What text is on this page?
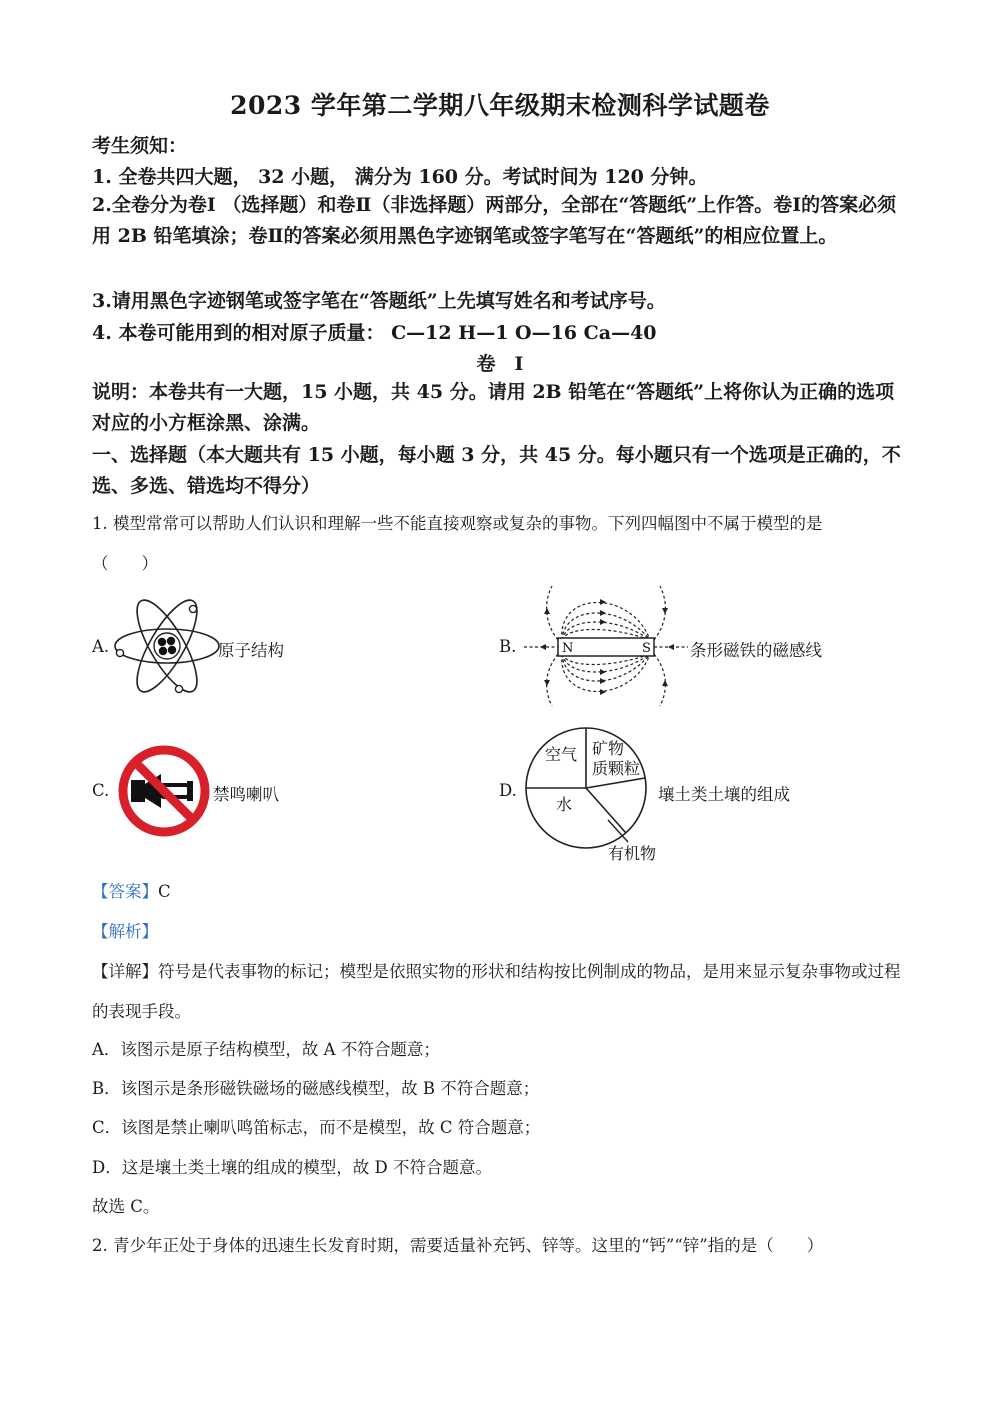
2023 学年第二学期八年级期末检测科学试题卷
考生须知：
1. 全卷共四大题， 32 小题， 满分为 160 分。考试时间为 120 分钟。
2.全卷分为卷Ⅰ （选择题）和卷Ⅱ（非选择题）两部分，全部在“答题纸”上作答。卷Ⅰ的答案必须用 2B 铅笔填涂；卷Ⅱ的答案必须用黑色字迹钢笔或签字笔写在“答题纸”的相应位置上。
3.请用黑色字迹钢笔或签字笔在“答题纸”上先填写姓名和考试序号。
4. 本卷可能用到的相对原子质量： C—12 H—1 O—16 Ca—40
卷　I
说明：本卷共有一大题，15 小题，共 45 分。请用 2B 铅笔在“答题纸”上将你认为正确的选项对应的小方框涂黑、涂满。
一、选择题（本大题共有 15 小题，每小题 3 分，共 45 分。每小题只有一个选项是正确的，不选、多选、错选均不得分）
1. 模型常常可以帮助人们认识和理解一些不能直接观察或复杂的事物。下列四幅图中不属于模型的是
（　　）
A.	原子结构	B.	N	S 条形磁铁的磁感线
C.	禁鸣喇叭	D.
空气 矿物
质颗粒
水
有机物
壤土类土壤的组成
【答案】C
【解析】
【详解】符号是代表事物的标记；模型是依照实物的形状和结构按比例制成的物品，是用来显示复杂事物或过程的表现手段。
A．该图示是原子结构模型，故 A 不符合题意；
B．该图示是条形磁铁磁场的磁感线模型，故 B 不符合题意；
C．该图是禁止喇叭鸣笛标志，而不是模型，故 C 符合题意；
D．这是壤土类土壤的组成的模型，故 D 不符合题意。
故选 C。
2. 青少年正处于身体的迅速生长发育时期，需要适量补充钙、锌等。这里的“钙”“锌”指的是（　　）
